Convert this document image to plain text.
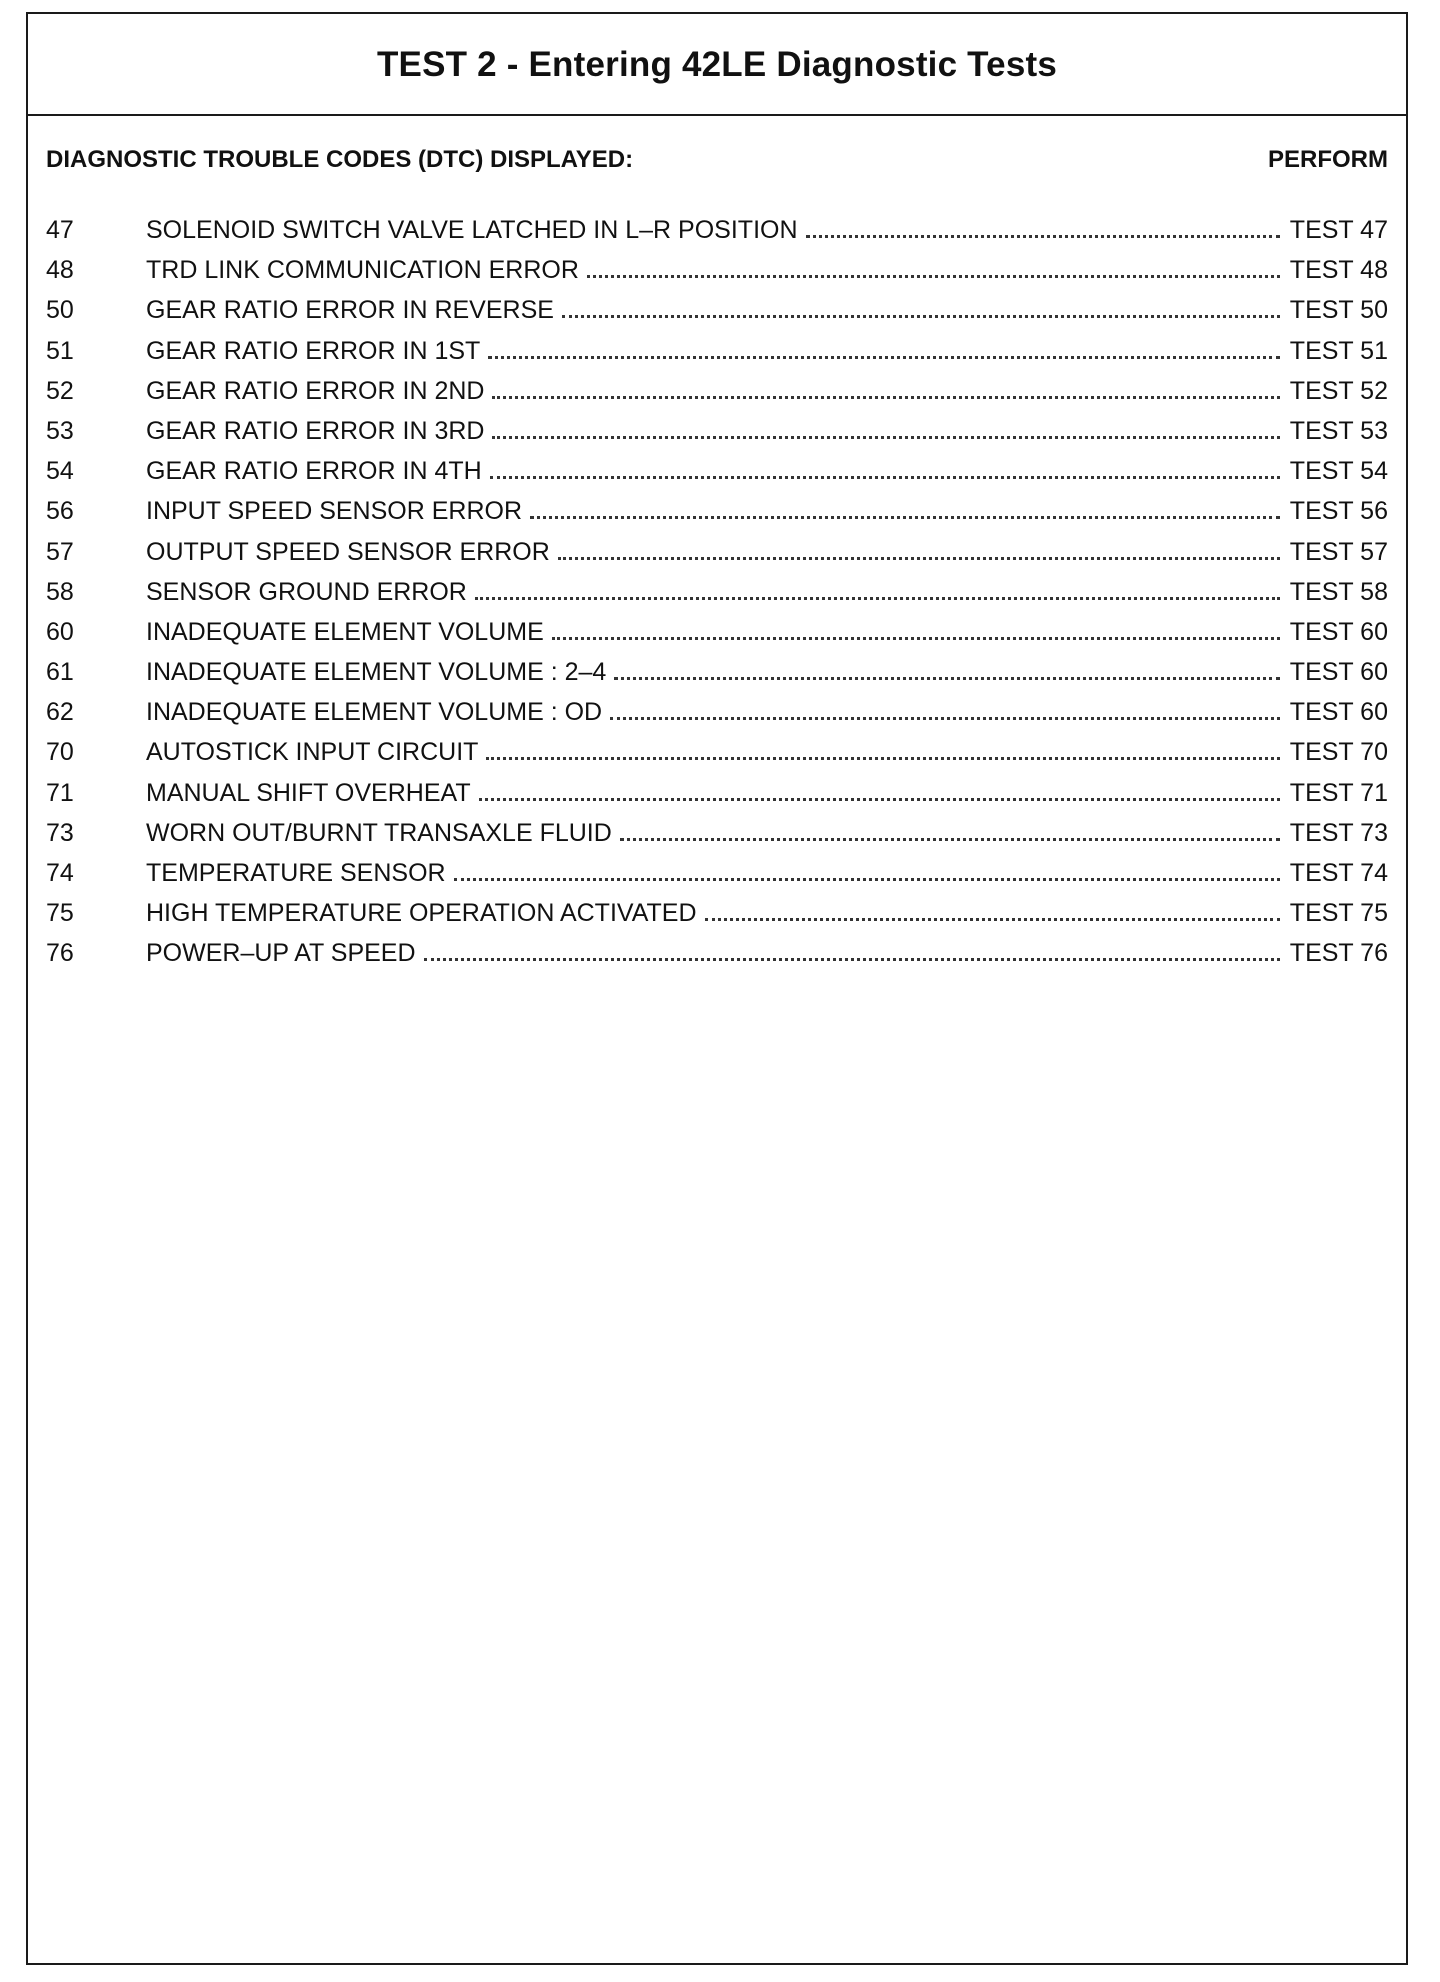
TEST 2 - Entering 42LE Diagnostic Tests
DIAGNOSTIC TROUBLE CODES (DTC) DISPLAYED:	PERFORM
47	SOLENOID SWITCH VALVE LATCHED IN L–R POSITION	TEST 47
48	TRD LINK COMMUNICATION ERROR	TEST 48
50	GEAR RATIO ERROR IN REVERSE	TEST 50
51	GEAR RATIO ERROR IN 1ST	TEST 51
52	GEAR RATIO ERROR IN 2ND	TEST 52
53	GEAR RATIO ERROR IN 3RD	TEST 53
54	GEAR RATIO ERROR IN 4TH	TEST 54
56	INPUT SPEED SENSOR ERROR	TEST 56
57	OUTPUT SPEED SENSOR ERROR	TEST 57
58	SENSOR GROUND ERROR	TEST 58
60	INADEQUATE ELEMENT VOLUME	TEST 60
61	INADEQUATE ELEMENT VOLUME : 2–4	TEST 60
62	INADEQUATE ELEMENT VOLUME : OD	TEST 60
70	AUTOSTICK INPUT CIRCUIT	TEST 70
71	MANUAL SHIFT OVERHEAT	TEST 71
73	WORN OUT/BURNT TRANSAXLE FLUID	TEST 73
74	TEMPERATURE SENSOR	TEST 74
75	HIGH TEMPERATURE OPERATION ACTIVATED	TEST 75
76	POWER–UP AT SPEED	TEST 76
